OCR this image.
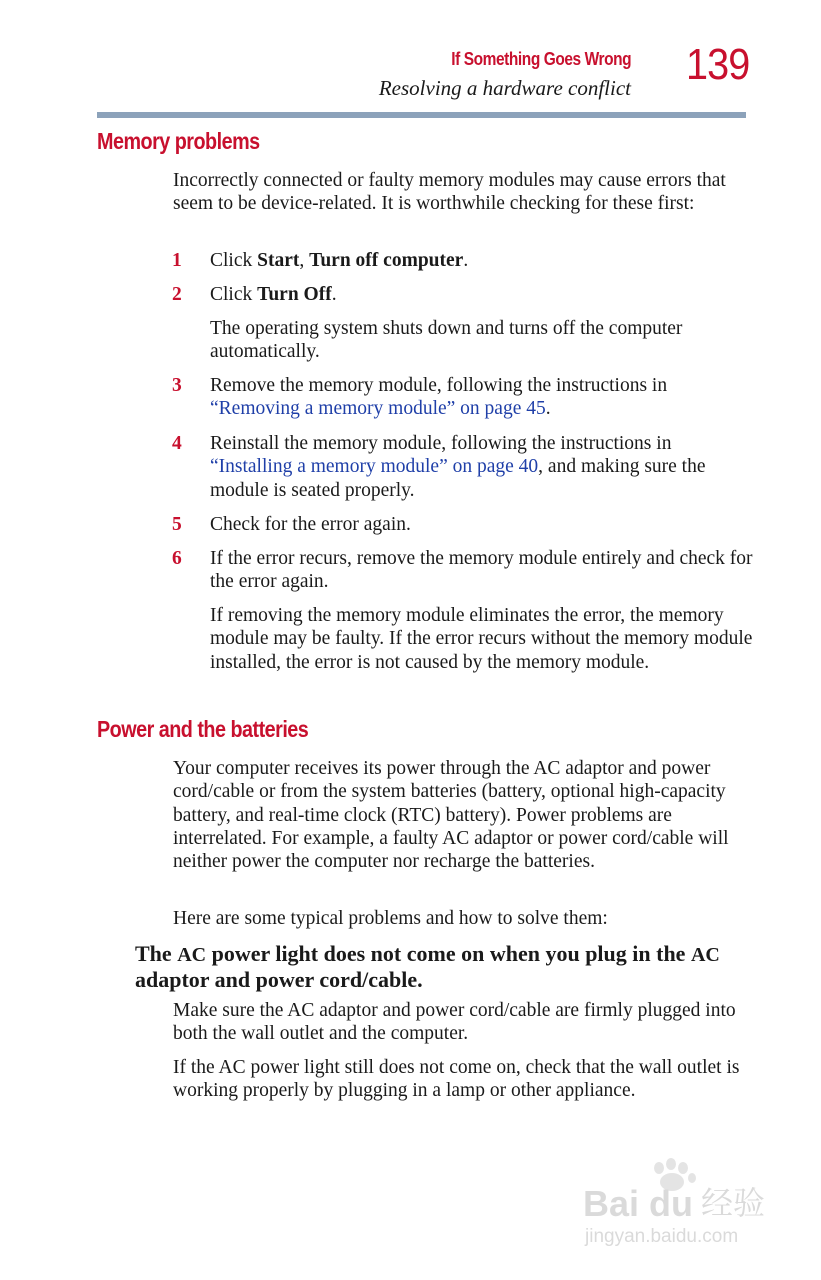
If Something Goes Wrong
Resolving a hardware conflict 139
Memory problems
Incorrectly connected or faulty memory modules may cause errors that seem to be device-related. It is worthwhile checking for these first:
1 Click Start, Turn off computer.
2 Click Turn Off.
The operating system shuts down and turns off the computer automatically.
3 Remove the memory module, following the instructions in “Removing a memory module” on page 45.
4 Reinstall the memory module, following the instructions in “Installing a memory module” on page 40, and making sure the module is seated properly.
5 Check for the error again.
6 If the error recurs, remove the memory module entirely and check for the error again.
If removing the memory module eliminates the error, the memory module may be faulty. If the error recurs without the memory module installed, the error is not caused by the memory module.
Power and the batteries
Your computer receives its power through the AC adaptor and power cord/cable or from the system batteries (battery, optional high-capacity battery, and real-time clock (RTC) battery). Power problems are interrelated. For example, a faulty AC adaptor or power cord/cable will neither power the computer nor recharge the batteries.
Here are some typical problems and how to solve them:
The AC power light does not come on when you plug in the AC adaptor and power cord/cable.
Make sure the AC adaptor and power cord/cable are firmly plugged into both the wall outlet and the computer.
If the AC power light still does not come on, check that the wall outlet is working properly by plugging in a lamp or other appliance.
Bai du 经验
jingyan.baidu.com
